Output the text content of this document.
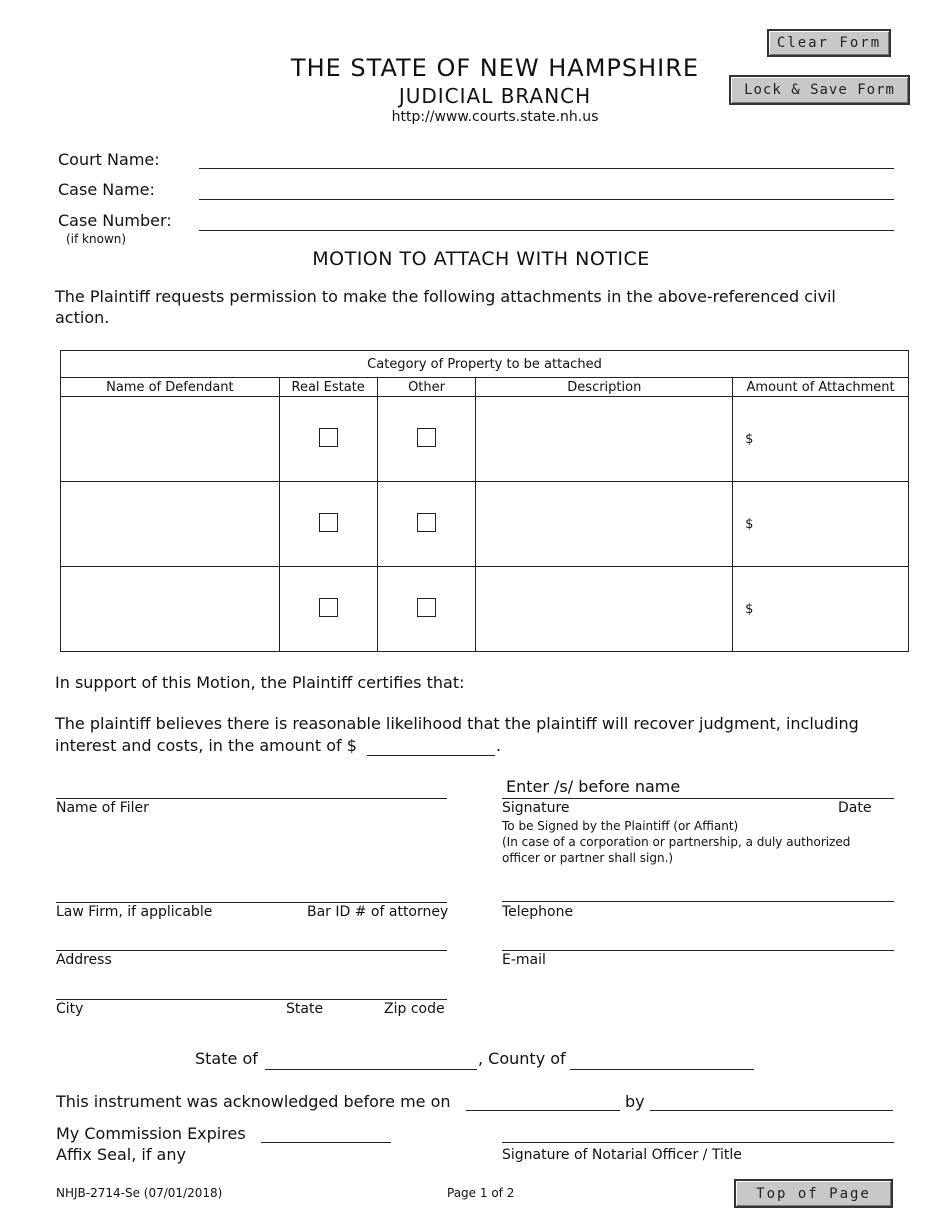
Clear Form
Lock & Save Form
THE STATE OF NEW HAMPSHIRE
JUDICIAL BRANCH
http://www.courts.state.nh.us
Court Name:
Case Name:
Case Number:
(if known)
MOTION TO ATTACH WITH NOTICE
The Plaintiff requests permission to make the following attachments in the above-referenced civil action.
Category of Property to be attached				
Name of Defendant	Real Estate	Other	Description	Amount of Attachment
				$
				$
				$
In support of this Motion, the Plaintiff certifies that:
The plaintiff believes there is reasonable likelihood that the plaintiff will recover judgment, including
interest and costs, in the amount of $	.
Name of Filer
Enter /s/ before name
Signature	Date
To be Signed by the Plaintiff (or Affiant)
(In case of a corporation or partnership, a duly authorized
officer or partner shall sign.)
Law Firm, if applicable	Bar ID # of attorney	Telephone
Address	E-mail
City	State	Zip code
State of	, County of
This instrument was acknowledged before me on	by
My Commission Expires
Affix Seal, if any	Signature of Notarial Officer / Title
NHJB-2714-Se (07/01/2018)	Page 1 of 2	Top of Page
